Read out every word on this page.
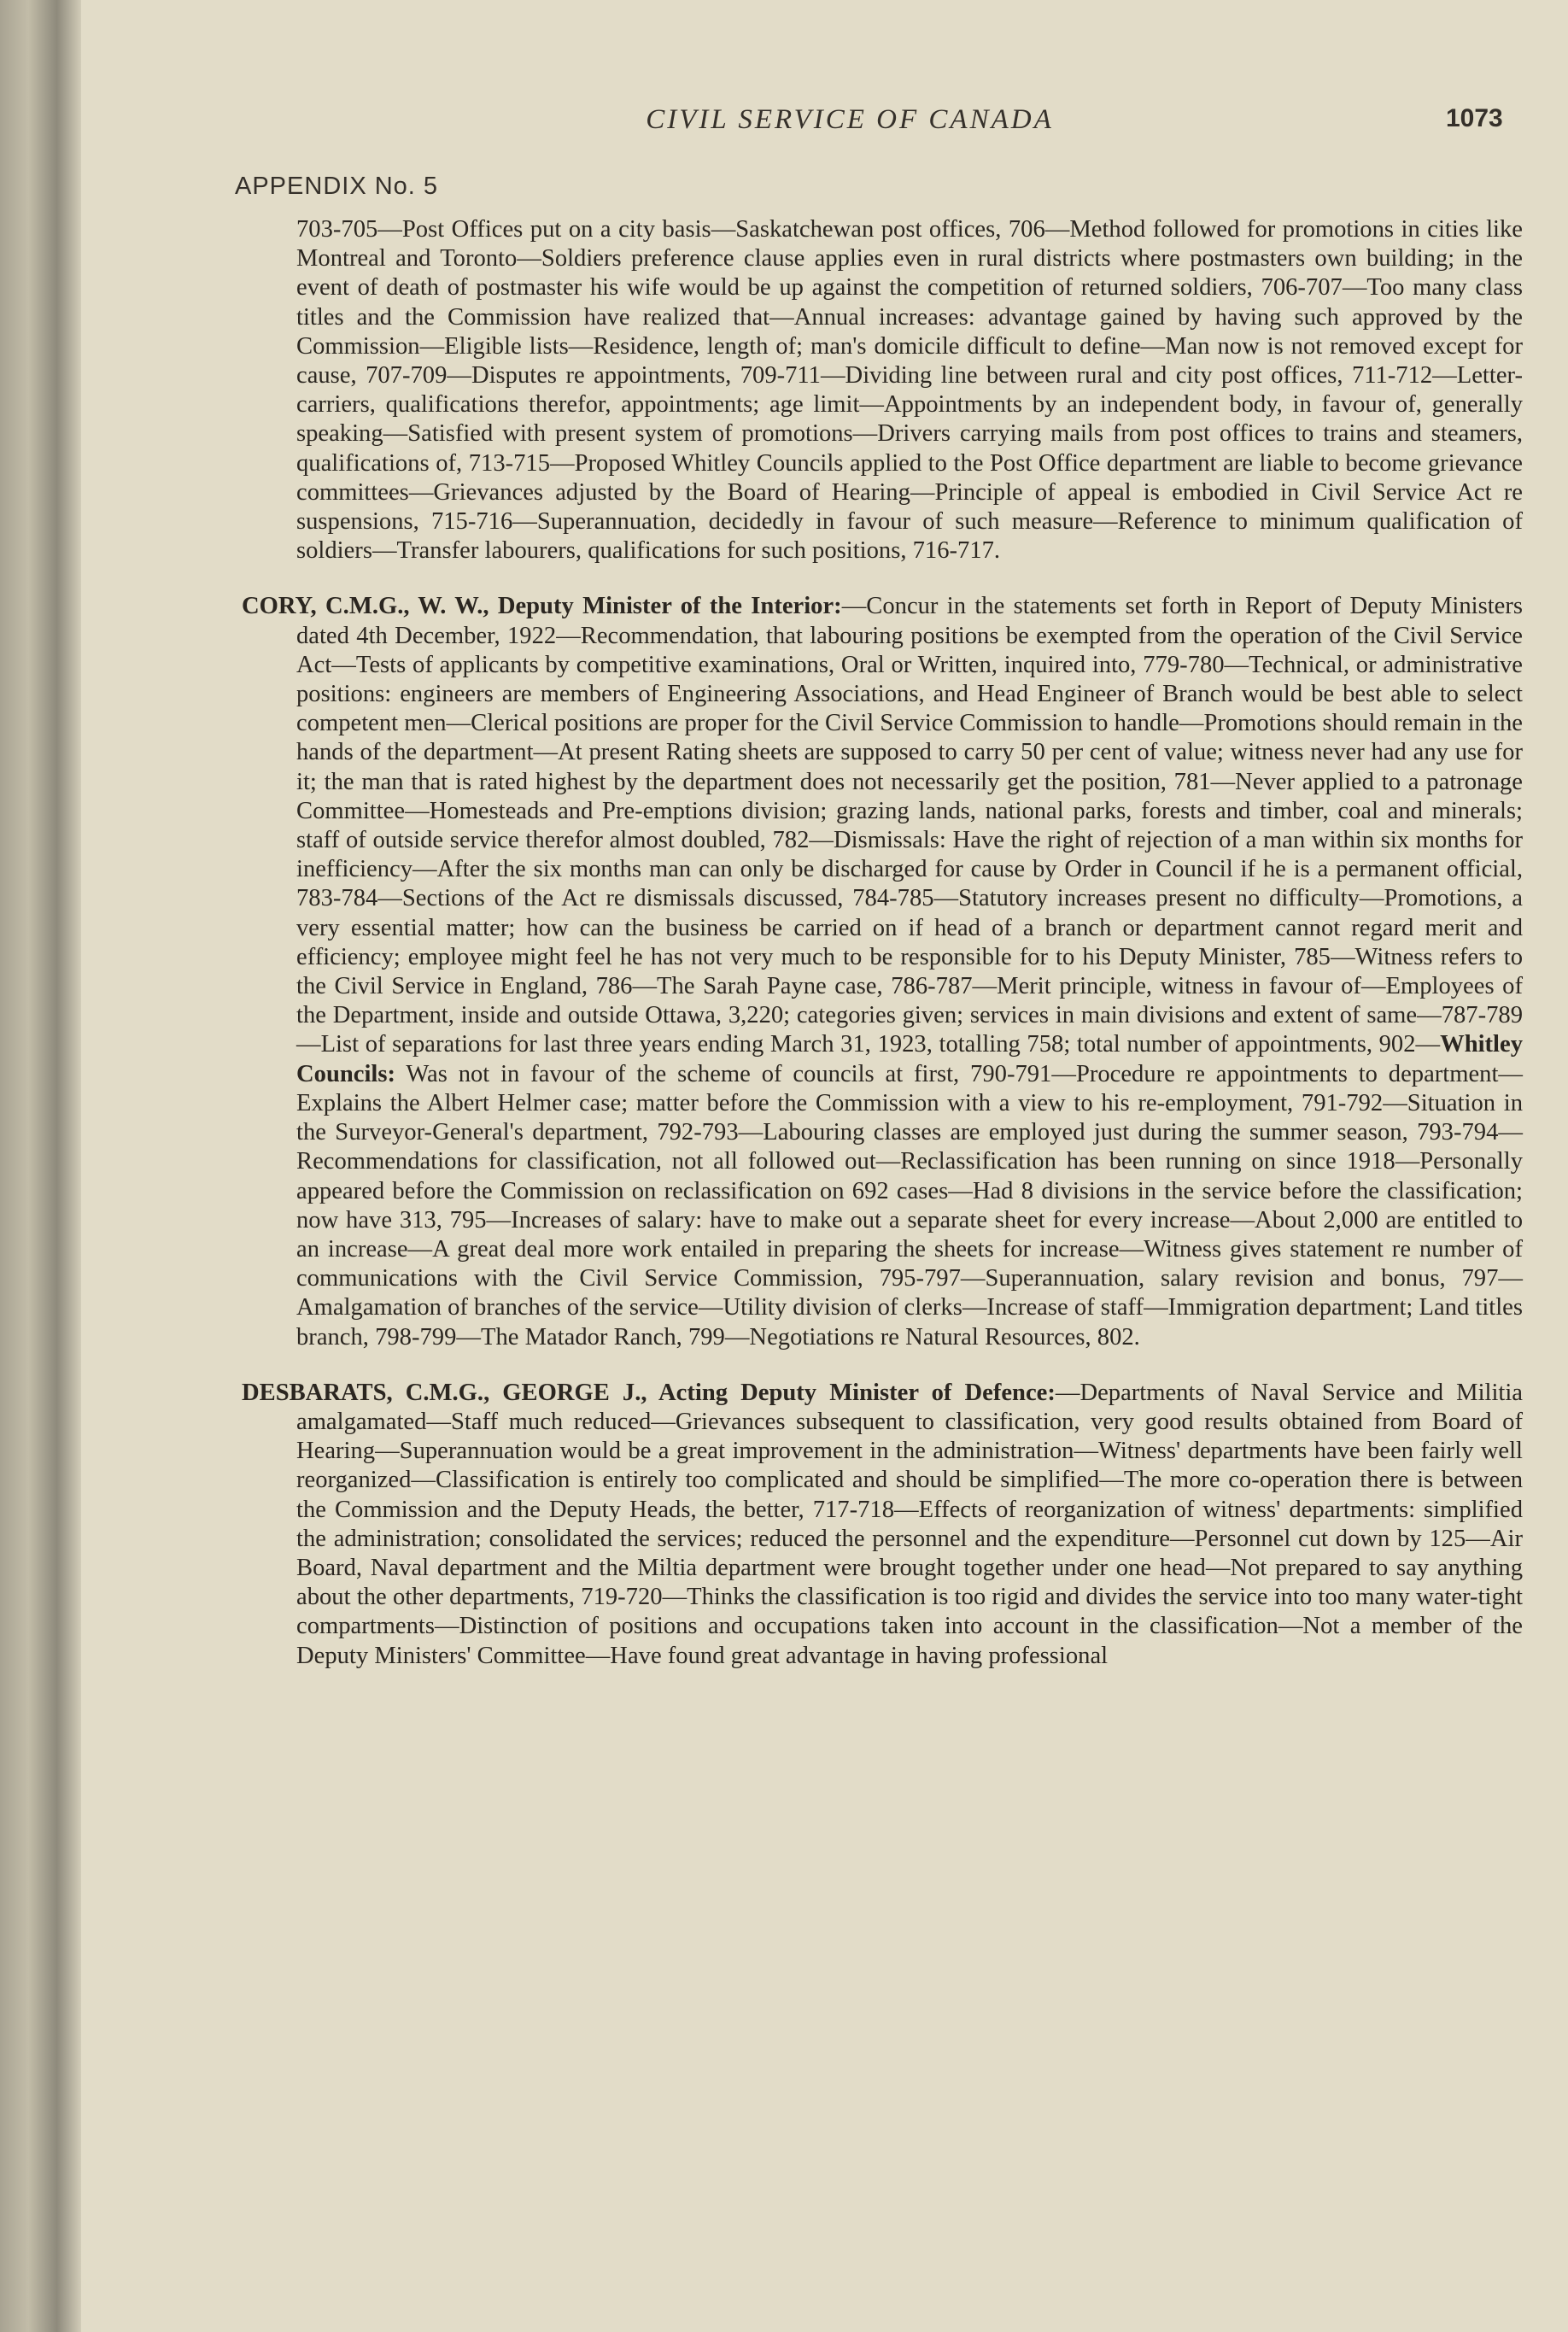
CIVIL SERVICE OF CANADA	1073
APPENDIX No. 5

703-705—Post Offices put on a city basis—Saskatchewan post offices, 706—Method followed for promotions in cities like Montreal and Toronto—Soldiers preference clause applies even in rural districts where postmasters own building; in the event of death of postmaster his wife would be up against the competition of returned soldiers, 706-707—Too many class titles and the Commission have realized that—Annual increases: advantage gained by having such approved by the Commission—Eligible lists—Residence, length of; man's domicile difficult to define—Man now is not removed except for cause, 707-709—Disputes re appointments, 709-711—Dividing line between rural and city post offices, 711-712—Letter-carriers, qualifications therefor, appointments; age limit—Appointments by an independent body, in favour of, generally speaking—Satisfied with present system of promotions—Drivers carrying mails from post offices to trains and steamers, qualifications of, 713-715—Proposed Whitley Councils applied to the Post Office department are liable to become grievance committees—Grievances adjusted by the Board of Hearing—Principle of appeal is embodied in Civil Service Act re suspensions, 715-716—Superannuation, decidedly in favour of such measure—Reference to minimum qualification of soldiers—Transfer labourers, qualifications for such positions, 716-717.

CORY, C.M.G., W. W., Deputy Minister of the Interior:—Concur in the statements set forth in Report of Deputy Ministers dated 4th December, 1922—Recommendation, that labouring positions be exempted from the operation of the Civil Service Act—Tests of applicants by competitive examinations, Oral or Written, inquired into, 779-780—Technical, or administrative positions: engineers are members of Engineering Associations, and Head Engineer of Branch would be best able to select competent men—Clerical positions are proper for the Civil Service Commission to handle—Promotions should remain in the hands of the department—At present Rating sheets are supposed to carry 50 per cent of value; witness never had any use for it; the man that is rated highest by the department does not necessarily get the position, 781—Never applied to a patronage Committee—Homesteads and Pre-emptions division; grazing lands, national parks, forests and timber, coal and minerals; staff of outside service therefor almost doubled, 782—Dismissals: Have the right of rejection of a man within six months for inefficiency—After the six months man can only be discharged for cause by Order in Council if he is a permanent official, 783-784—Sections of the Act re dismissals discussed, 784-785—Statutory increases present no difficulty—Promotions, a very essential matter; how can the business be carried on if head of a branch or department cannot regard merit and efficiency; employee might feel he has not very much to be responsible for to his Deputy Minister, 785—Witness refers to the Civil Service in England, 786—The Sarah Payne case, 786-787—Merit principle, witness in favour of—Employees of the Department, inside and outside Ottawa, 3,220; categories given; services in main divisions and extent of same—787-789—List of separations for last three years ending March 31, 1923, totalling 758; total number of appointments, 902—Whitley Councils: Was not in favour of the scheme of councils at first, 790-791—Procedure re appointments to department—Explains the Albert Helmer case; matter before the Commission with a view to his re-employment, 791-792—Situation in the Surveyor-General's department, 792-793—Labouring classes are employed just during the summer season, 793-794—Recommendations for classification, not all followed out—Reclassification has been running on since 1918—Personally appeared before the Commission on reclassification on 692 cases—Had 8 divisions in the service before the classification; now have 313, 795—Increases of salary: have to make out a separate sheet for every increase—About 2,000 are entitled to an increase—A great deal more work entailed in preparing the sheets for increase—Witness gives statement re number of communications with the Civil Service Commission, 795-797—Superannuation, salary revision and bonus, 797—Amalgamation of branches of the service—Utility division of clerks—Increase of staff—Immigration department; Land titles branch, 798-799—The Matador Ranch, 799—Negotiations re Natural Resources, 802.

DESBARATS, C.M.G., GEORGE J., Acting Deputy Minister of Defence:—Departments of Naval Service and Militia amalgamated—Staff much reduced—Grievances subsequent to classification, very good results obtained from Board of Hearing—Superannuation would be a great improvement in the administration—Witness' departments have been fairly well reorganized—Classification is entirely too complicated and should be simplified—The more co-operation there is between the Commission and the Deputy Heads, the better, 717-718—Effects of reorganization of witness' departments: simplified the administration; consolidated the services; reduced the personnel and the expenditure—Personnel cut down by 125—Air Board, Naval department and the Miltia department were brought together under one head—Not prepared to say anything about the other departments, 719-720—Thinks the classification is too rigid and divides the service into too many water-tight compartments—Distinction of positions and occupations taken into account in the classification—Not a member of the Deputy Ministers' Committee—Have found great advantage in having professional
